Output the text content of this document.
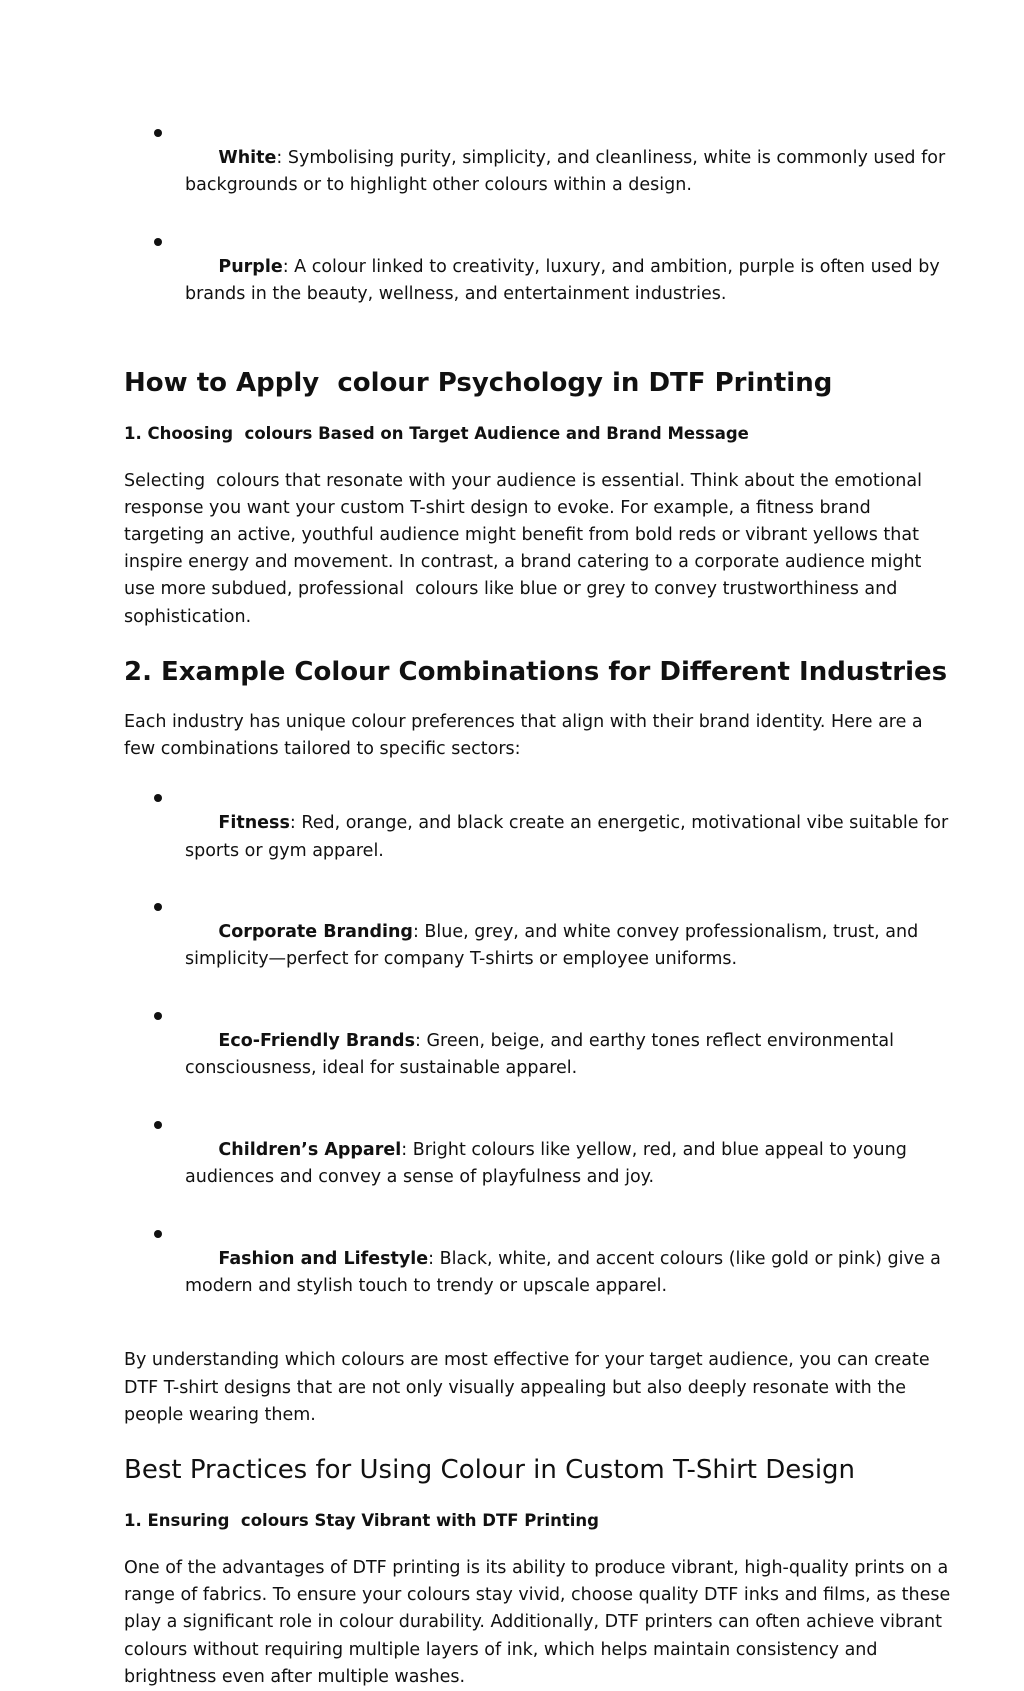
White: Symbolising purity, simplicity, and cleanliness, white is commonly used for backgrounds or to highlight other colours within a design.

Purple: A colour linked to creativity, luxury, and ambition, purple is often used by brands in the beauty, wellness, and entertainment industries.

How to Apply  colour Psychology in DTF Printing
1. Choosing  colours Based on Target Audience and Brand Message

Selecting  colours that resonate with your audience is essential. Think about the emotional response you want your custom T-shirt design to evoke. For example, a fitness brand targeting an active, youthful audience might benefit from bold reds or vibrant yellows that inspire energy and movement. In contrast, a brand catering to a corporate audience might use more subdued, professional  colours like blue or grey to convey trustworthiness and sophistication.

2. Example Colour Combinations for Different Industries

Each industry has unique colour preferences that align with their brand identity. Here are a few combinations tailored to specific sectors:

Fitness: Red, orange, and black create an energetic, motivational vibe suitable for sports or gym apparel.

Corporate Branding: Blue, grey, and white convey professionalism, trust, and simplicity—perfect for company T-shirts or employee uniforms.

Eco-Friendly Brands: Green, beige, and earthy tones reflect environmental consciousness, ideal for sustainable apparel.

Children’s Apparel: Bright colours like yellow, red, and blue appeal to young audiences and convey a sense of playfulness and joy.

Fashion and Lifestyle: Black, white, and accent colours (like gold or pink) give a modern and stylish touch to trendy or upscale apparel.

By understanding which colours are most effective for your target audience, you can create DTF T-shirt designs that are not only visually appealing but also deeply resonate with the people wearing them.

Best Practices for Using Colour in Custom T-Shirt Design
1. Ensuring  colours Stay Vibrant with DTF Printing

One of the advantages of DTF printing is its ability to produce vibrant, high-quality prints on a range of fabrics. To ensure your colours stay vivid, choose quality DTF inks and films, as these play a significant role in colour durability. Additionally, DTF printers can often achieve vibrant colours without requiring multiple layers of ink, which helps maintain consistency and brightness even after multiple washes.
